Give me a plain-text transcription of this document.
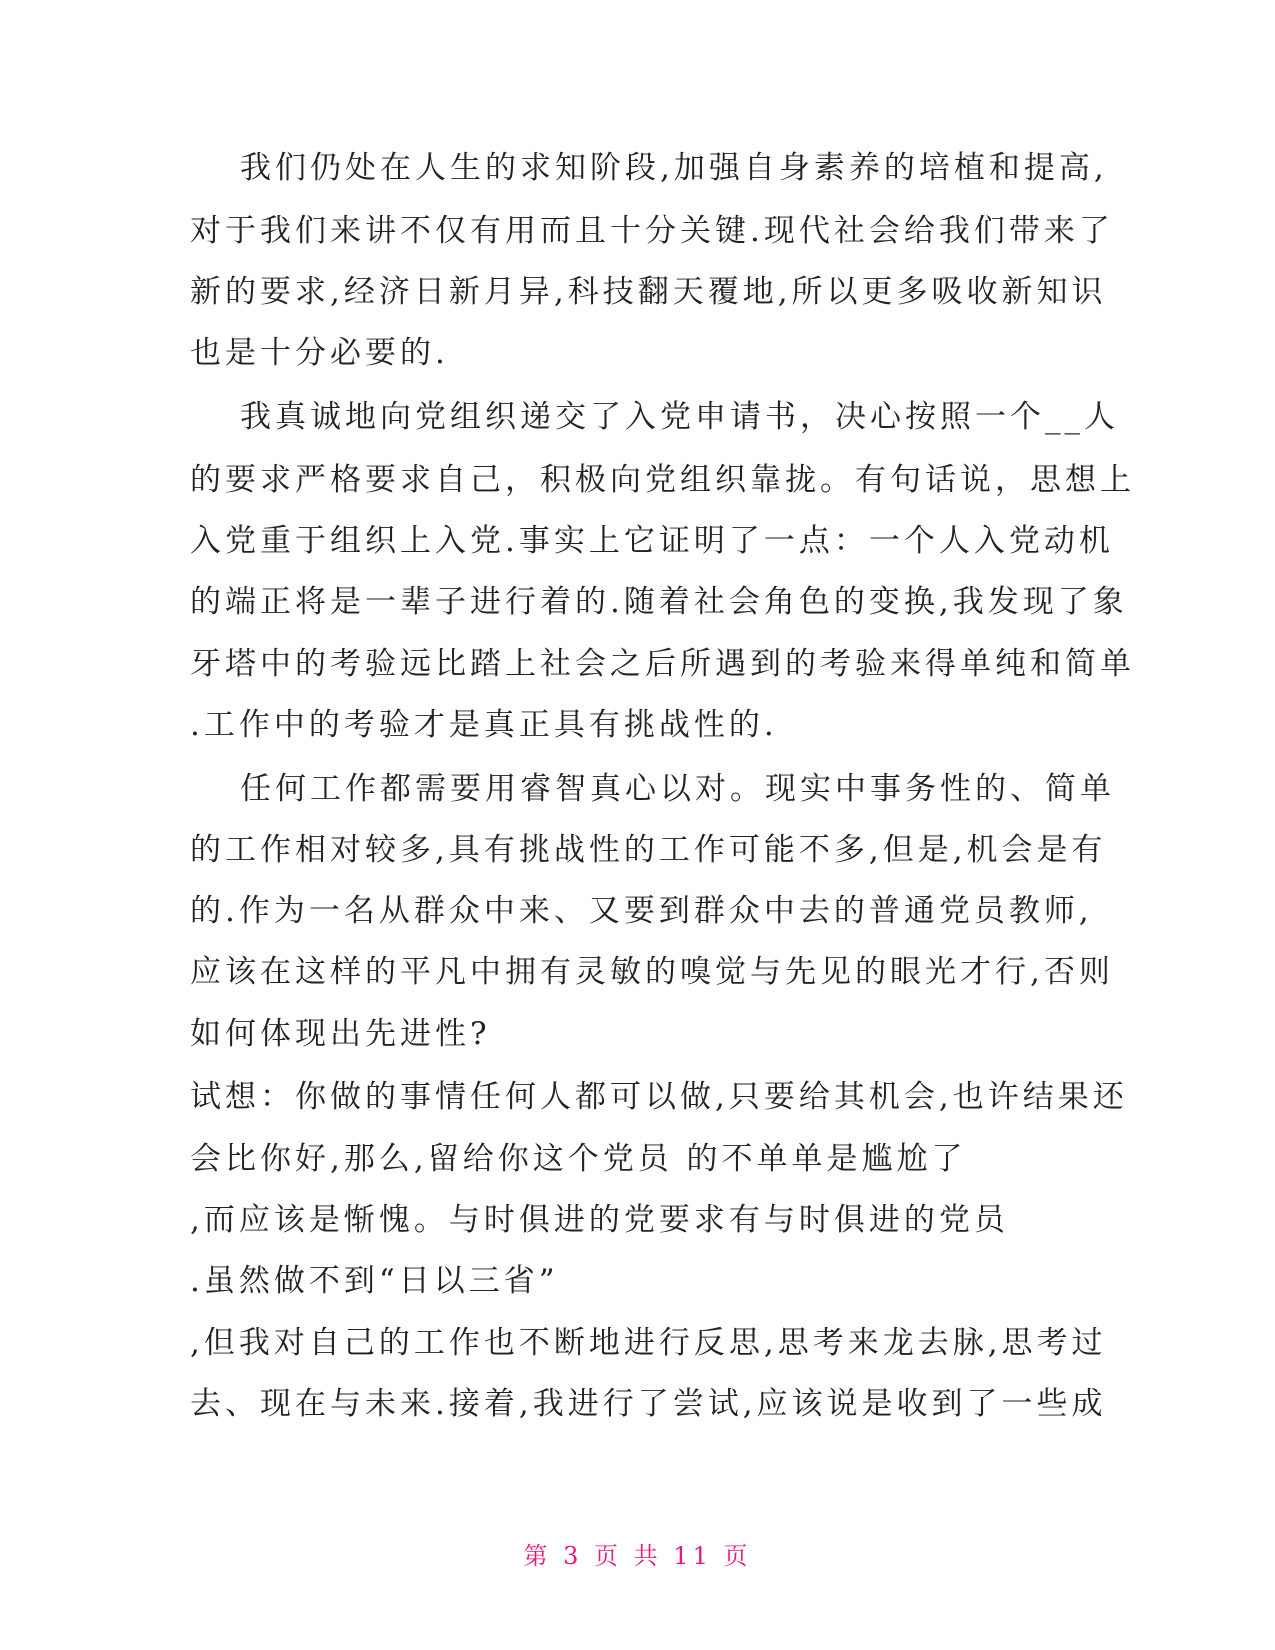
我们仍处在人生的求知阶段,加强自身素养的培植和提高,
对于我们来讲不仅有用而且十分关键.现代社会给我们带来了
新的要求,经济日新月异,科技翻天覆地,所以更多吸收新知识
也是十分必要的.
我真诚地向党组织递交了入党申请书，决心按照一个__人
的要求严格要求自己，积极向党组织靠拢。有句话说，思想上
入党重于组织上入党.事实上它证明了一点：一个人入党动机
的端正将是一辈子进行着的.随着社会角色的变换,我发现了象
牙塔中的考验远比踏上社会之后所遇到的考验来得单纯和简单
.工作中的考验才是真正具有挑战性的.
任何工作都需要用睿智真心以对。现实中事务性的、简单
的工作相对较多,具有挑战性的工作可能不多,但是,机会是有
的.作为一名从群众中来、又要到群众中去的普通党员教师,
应该在这样的平凡中拥有灵敏的嗅觉与先见的眼光才行,否则
如何体现出先进性?
试想：你做的事情任何人都可以做,只要给其机会,也许结果还
会比你好,那么,留给你这个党员 的不单单是尴尬了
,而应该是惭愧。与时俱进的党要求有与时俱进的党员
.虽然做不到“日以三省”
,但我对自己的工作也不断地进行反思,思考来龙去脉,思考过
去、现在与未来.接着,我进行了尝试,应该说是收到了一些成
第 3 页 共 11 页
